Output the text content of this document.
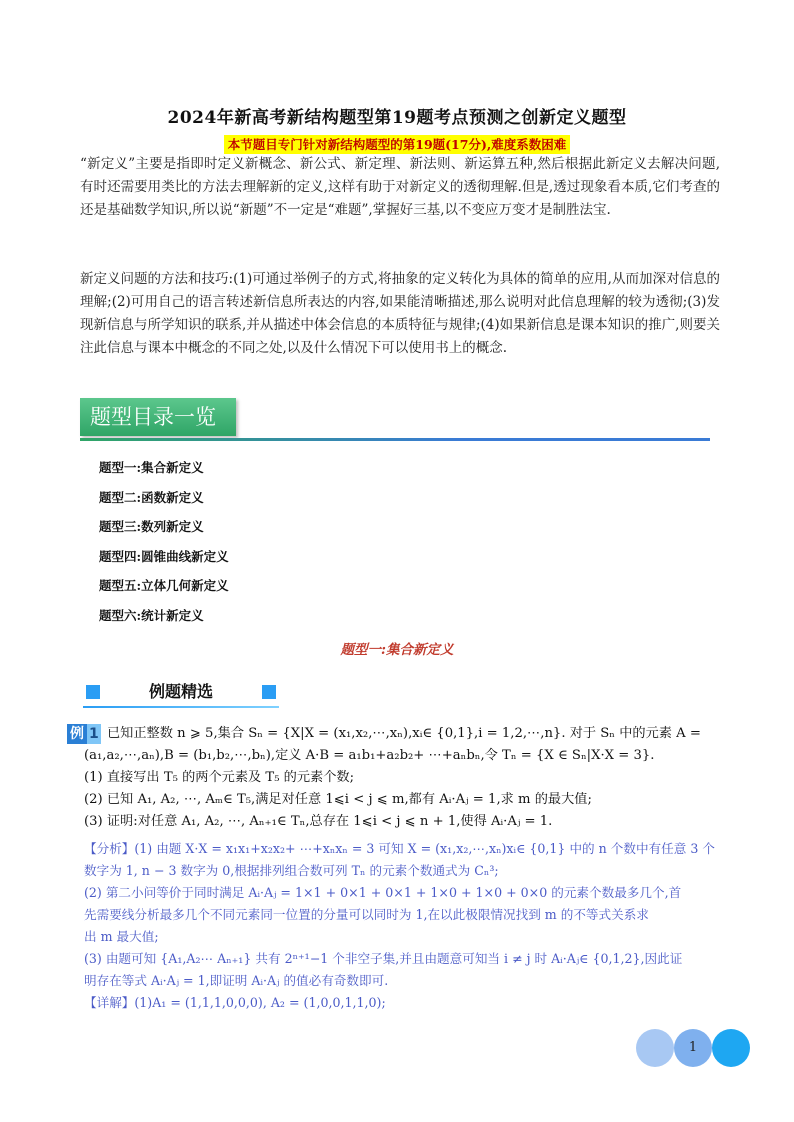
2024年新高考新结构题型第19题考点预测之创新定义题型
本节题目专门针对新结构题型的第19题(17分),难度系数困难
“新定义”主要是指即时定义新概念、新公式、新定理、新法则、新运算五种,然后根据此新定义去解决问题,有时还需要用类比的方法去理解新的定义,这样有助于对新定义的透彻理解.但是,透过现象看本质,它们考查的还是基础数学知识,所以说“新题”不一定是“难题”,掌握好三基,以不变应万变才是制胜法宝.
新定义问题的方法和技巧:(1)可通过举例子的方式,将抽象的定义转化为具体的简单的应用,从而加深对信息的理解;(2)可用自己的语言转述新信息所表达的内容,如果能清晰描述,那么说明对此信息理解的较为透彻;(3)发现新信息与所学知识的联系,并从描述中体会信息的本质特征与规律;(4)如果新信息是课本知识的推广,则要关注此信息与课本中概念的不同之处,以及什么情况下可以使用书上的概念.
题型目录一览
题型一:集合新定义
题型二:函数新定义
题型三:数列新定义
题型四:圆锥曲线新定义
题型五:立体几何新定义
题型六:统计新定义
题型一:集合新定义
例题精选
例 1 已知正整数 n ⩾ 5,集合 Sₙ = {X|X = (x₁,x₂,⋯,xₙ),xᵢ∈ {0,1},i = 1,2,⋯,n}. 对于 Sₙ 中的元素 A =
(a₁,a₂,⋯,aₙ),B = (b₁,b₂,⋯,bₙ),定义 A·B = a₁b₁+a₂b₂+ ⋯+aₙbₙ,令 Tₙ = {X ∈ Sₙ|X·X = 3}.
(1) 直接写出 T₅ 的两个元素及 T₅ 的元素个数;
(2) 已知 A₁, A₂, ⋯, Aₘ∈ T₅,满足对任意 1⩽i < j ⩽ m,都有 Aᵢ·Aⱼ = 1,求 m 的最大值;
(3) 证明:对任意 A₁, A₂, ⋯, Aₙ₊₁∈ Tₙ,总存在 1⩽i < j ⩽ n + 1,使得 Aᵢ·Aⱼ = 1.
【分析】(1) 由题 X·X = x₁x₁+x₂x₂+ ⋯+xₙxₙ = 3 可知 X = (x₁,x₂,⋯,xₙ)xᵢ∈ {0,1} 中的 n 个数中有任意 3 个
数字为 1, n − 3 数字为 0,根据排列组合数可列 Tₙ 的元素个数通式为 Cₙ³;
(2) 第二小问等价于同时满足 Aᵢ·Aⱼ = 1×1 + 0×1 + 0×1 + 1×0 + 1×0 + 0×0 的元素个数最多几个,首
先需要线分析最多几个不同元素同一位置的分量可以同时为 1,在以此极限情况找到 m 的不等式关系求
出 m 最大值;
(3) 由题可知 {A₁,A₂⋯ Aₙ₊₁} 共有 2ⁿ⁺¹−1 个非空子集,并且由题意可知当 i ≠ j 时 Aᵢ·Aⱼ∈ {0,1,2},因此证
明存在等式 Aᵢ·Aⱼ = 1,即证明 Aᵢ·Aⱼ 的值必有奇数即可.
【详解】(1)A₁ = (1,1,1,0,0,0), A₂ = (1,0,0,1,1,0);
1
